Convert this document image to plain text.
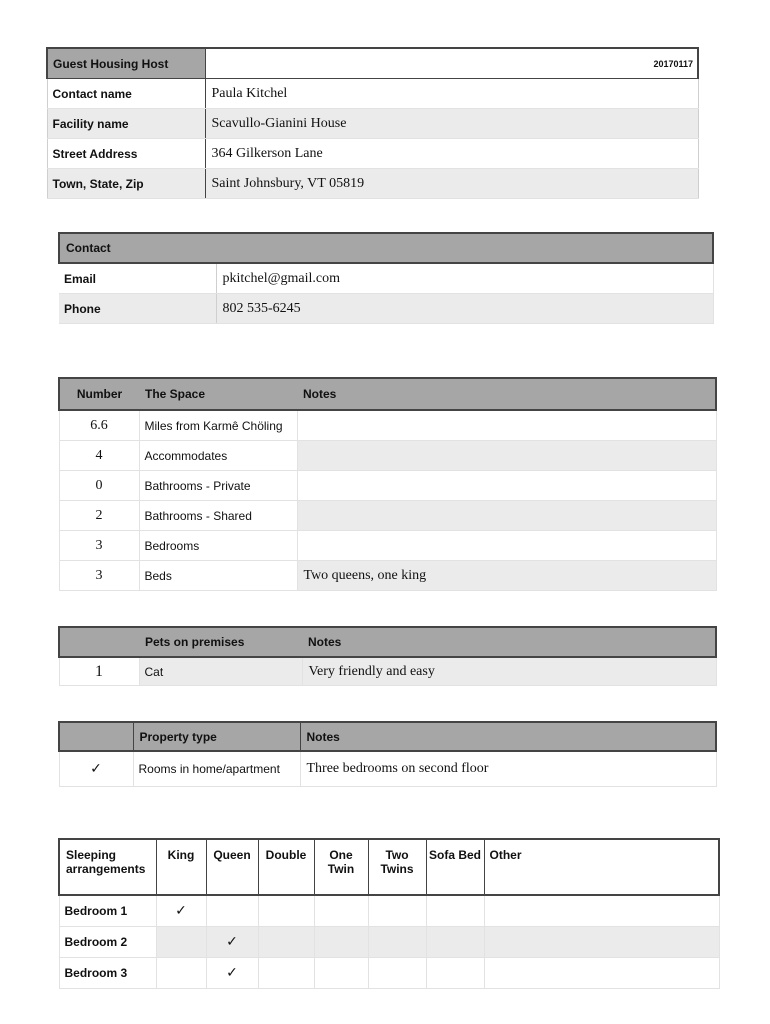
Guest Housing Host	20170117
Contact name	Paula Kitchel
Facility name	Scavullo-Gianini House
Street Address	364 Gilkerson Lane
Town, State, Zip	Saint Johnsbury, VT 05819
Contact	
Email	pkitchel@gmail.com
Phone	802 535-6245
Number	The Space	Notes
6.6	Miles from Karmê Chöling	
4	Accommodates	
0	Bathrooms - Private	
2	Bathrooms - Shared	
3	Bedrooms	
3	Beds	Two queens, one king
	Pets on premises	Notes
1	Cat	Very friendly and easy
	Property type	Notes
✓	Rooms in home/apartment	Three bedrooms on second floor
Sleeping arrangements	King	Queen	Double	One Twin	Two Twins	Sofa Bed	Other
Bedroom 1	✓						
Bedroom 2		✓					
Bedroom 3		✓					
